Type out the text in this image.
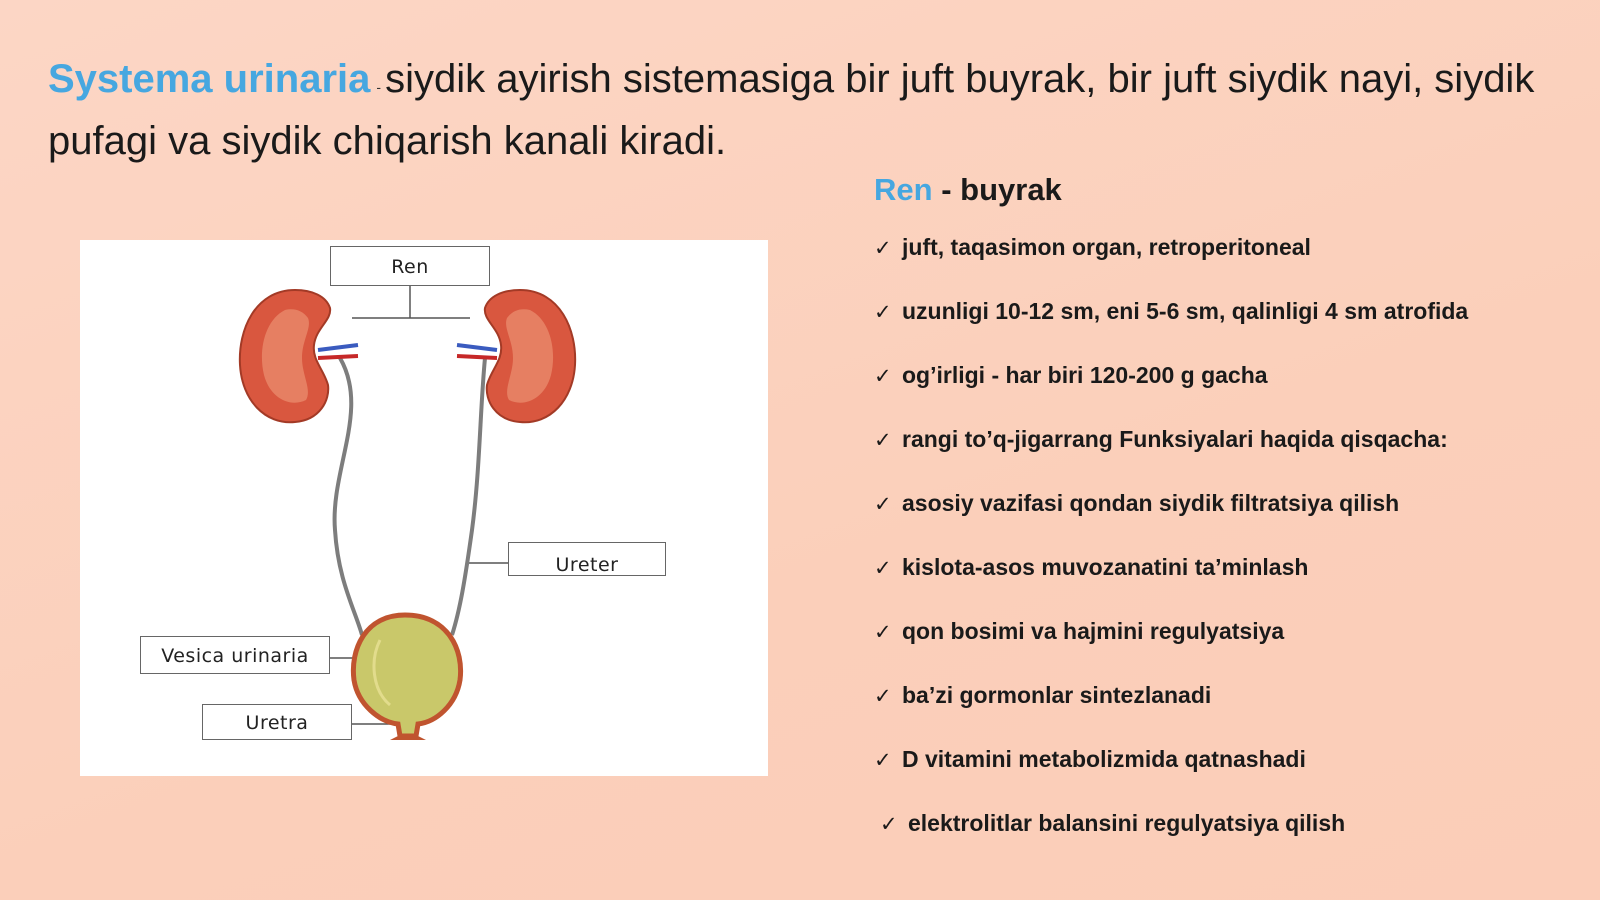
Systema urinaria - siydik ayirish sistemasiga bir juft buyrak, bir juft siydik nayi, siydik pufagi va siydik chiqarish kanali kiradi.
Ren
Ureter
Vesica urinaria
Uretra
Ren - buyrak
✓ juft, taqasimon organ, retroperitoneal
✓ uzunligi 10-12 sm, eni 5-6 sm, qalinligi 4 sm atrofida
✓ og’irligi - har biri 120-200 g gacha
✓ rangi to’q-jigarrang Funksiyalari haqida qisqacha:
✓ asosiy vazifasi qondan siydik filtratsiya qilish
✓ kislota-asos muvozanatini ta’minlash
✓ qon bosimi va hajmini regulyatsiya
✓ ba’zi gormonlar sintezlanadi
✓ D vitamini metabolizmida qatnashadi
✓ elektrolitlar balansini regulyatsiya qilish
